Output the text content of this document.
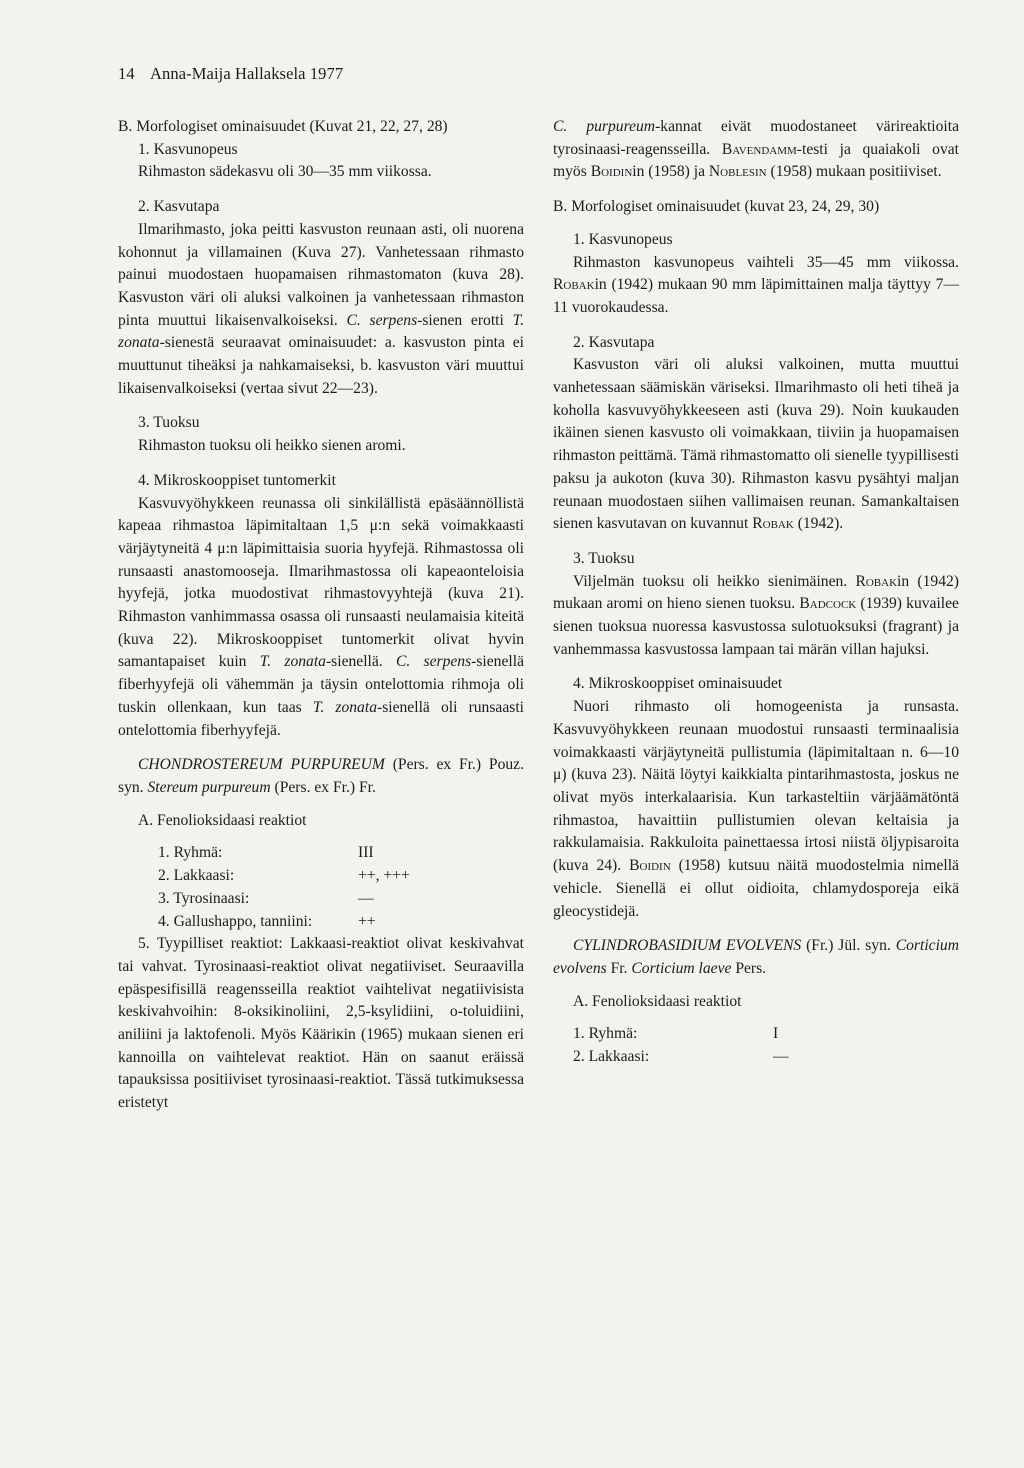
14 Anna-Maija Hallaksela 1977

B. Morfologiset ominaisuudet (Kuvat 21, 22, 27, 28)

1. Kasvunopeus

Rihmaston sädekasvu oli 30—35 mm viikossa.

2. Kasvutapa

Ilmarihmasto, joka peitti kasvuston reunaan asti, oli nuorena kohonnut ja villamainen (Kuva 27). Vanhetessaan rihmasto painui muodostaen huopamaisen rihmastomaton (kuva 28). Kasvuston väri oli aluksi valkoinen ja vanhetessaan rihmaston pinta muuttui likaisenvalkoiseksi. C. serpens-sienen erotti T. zonata-sienestä seuraavat ominaisuudet: a. kasvuston pinta ei muuttunut tiheäksi ja nahkamaiseksi, b. kasvuston väri muuttui likaisenvalkoiseksi (vertaa sivut 22—23).

3. Tuoksu

Rihmaston tuoksu oli heikko sienen aromi.

4. Mikroskooppiset tuntomerkit

Kasvuvyöhykkeen reunassa oli sinkilällistä epäsäännöllistä kapeaa rihmastoa läpimitaltaan 1,5 μ:n sekä voimakkaasti värjäytyneitä 4 μ:n läpimittaisia suoria hyyfejä. Rihmastossa oli runsaasti anastomooseja. Ilmarihmastossa oli kapeaonteloisia hyyfejä, jotka muodostivat rihmastovyyhtejä (kuva 21). Rihmaston vanhimmassa osassa oli runsaasti neulamaisia kiteitä (kuva 22). Mikroskooppiset tuntomerkit olivat hyvin samantapaiset kuin T. zonata-sienellä. C. serpens-sienellä fiberhyyfejä oli vähemmän ja täysin ontelottomia rihmoja oli tuskin ollenkaan, kun taas T. zonata-sienellä oli runsaasti ontelottomia fiberhyyfejä.

CHONDROSTEREUM PURPUREUM (Pers. ex Fr.) Pouz. syn. Stereum purpureum (Pers. ex Fr.) Fr.

A. Fenolioksidaasi reaktiot

1. Ryhmä:	III
2. Lakkaasi:	++, +++
3. Tyrosinaasi:	—
4. Gallushappo, tanniini:	++

5. Tyypilliset reaktiot: Lakkaasi-reaktiot olivat keskivahvat tai vahvat. Tyrosinaasi-reaktiot olivat negatiiviset. Seuraavilla epäspesifisillä reagensseilla reaktiot vaihtelivat negatiivisista keskivahvoihin: 8-oksikinoliini, 2,5-ksylidiini, o-toluidiini, aniliini ja laktofenoli. Myös Kääriкin (1965) mukaan sienen eri kannoilla on vaihtelevat reaktiot. Hän on saanut eräissä tapauksissa positiiviset tyrosinaasi-reaktiot. Tässä tutkimuksessa eristetyt

C. purpureum-kannat eivät muodostaneet värireaktioita tyrosinaasi-reagensseilla. Bavendamm-testi ja quaiakoli ovat myös Boidinin (1958) ja Noblesin (1958) mukaan positiiviset.

B. Morfologiset ominaisuudet (kuvat 23, 24, 29, 30)

1. Kasvunopeus

Rihmaston kasvunopeus vaihteli 35—45 mm viikossa. Robakin (1942) mukaan 90 mm läpimittainen malja täyttyy 7—11 vuorokaudessa.

2. Kasvutapa

Kasvuston väri oli aluksi valkoinen, mutta muuttui vanhetessaan säämiskän väriseksi. Ilmarihmasto oli heti tiheä ja koholla kasvuvyöhykkeeseen asti (kuva 29). Noin kuukauden ikäinen sienen kasvusto oli voimakkaan, tiiviin ja huopamaisen rihmaston peittämä. Tämä rihmastomatto oli sienelle tyypillisesti paksu ja aukoton (kuva 30). Rihmaston kasvu pysähtyi maljan reunaan muodostaen siihen vallimaisen reunan. Samankaltaisen sienen kasvutavan on kuvannut Robak (1942).

3. Tuoksu

Viljelmän tuoksu oli heikko sienimäinen. Robakin (1942) mukaan aromi on hieno sienen tuoksu. Badcock (1939) kuvailee sienen tuoksua nuoressa kasvustossa sulotuoksuksi (fragrant) ja vanhemmassa kasvustossa lampaan tai märän villan hajuksi.

4. Mikroskooppiset ominaisuudet

Nuori rihmasto oli homogeenista ja runsasta. Kasvuvyöhykkeen reunaan muodostui runsaasti terminaalisia voimakkaasti värjäytyneitä pullistumia (läpimitaltaan n. 6—10 μ) (kuva 23). Näitä löytyi kaikkialta pintarihmastosta, joskus ne olivat myös interkalaarisia. Kun tarkasteltiin värjäämätöntä rihmastoa, havaittiin pullistumien olevan keltaisia ja rakkulamaisia. Rakkuloita painettaessa irtosi niistä öljypisaroita (kuva 24). Boidin (1958) kutsuu näitä muodostelmia nimellä vehicle. Sienellä ei ollut oidioita, chlamydosporeja eikä gleocystidejä.

CYLINDROBASIDIUM EVOLVENS (Fr.) Jül. syn. Corticium evolvens Fr. Corticium laeve Pers.

A. Fenolioksidaasi reaktiot

1. Ryhmä:	I
2. Lakkaasi:	—
